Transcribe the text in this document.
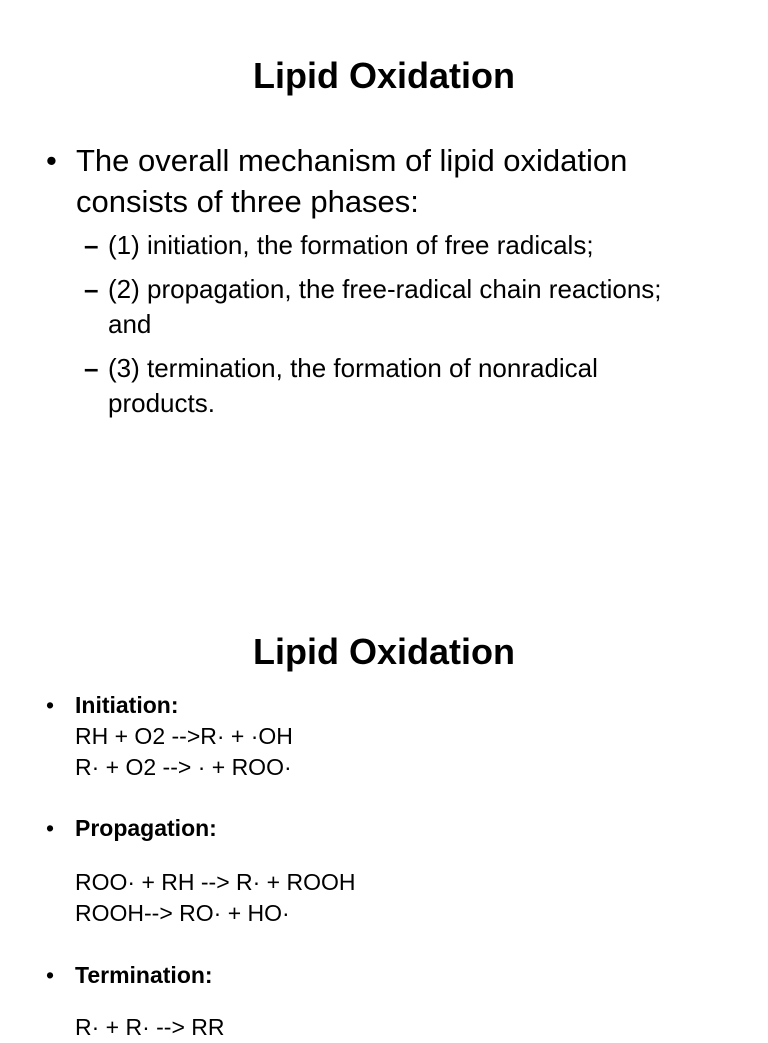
Lipid Oxidation
• The overall mechanism of lipid oxidation consists of three phases:
– (1) initiation, the formation of free radicals;
– (2) propagation, the free-radical chain reactions; and
– (3) termination, the formation of nonradical products.
Lipid Oxidation
• Initiation:
RH + O2 -->R· + ·OH
R· + O2 --> · + ROO·
• Propagation:
ROO· + RH --> R· + ROOH
ROOH--> RO· + HO·
• Termination:
R· + R· --> RR
